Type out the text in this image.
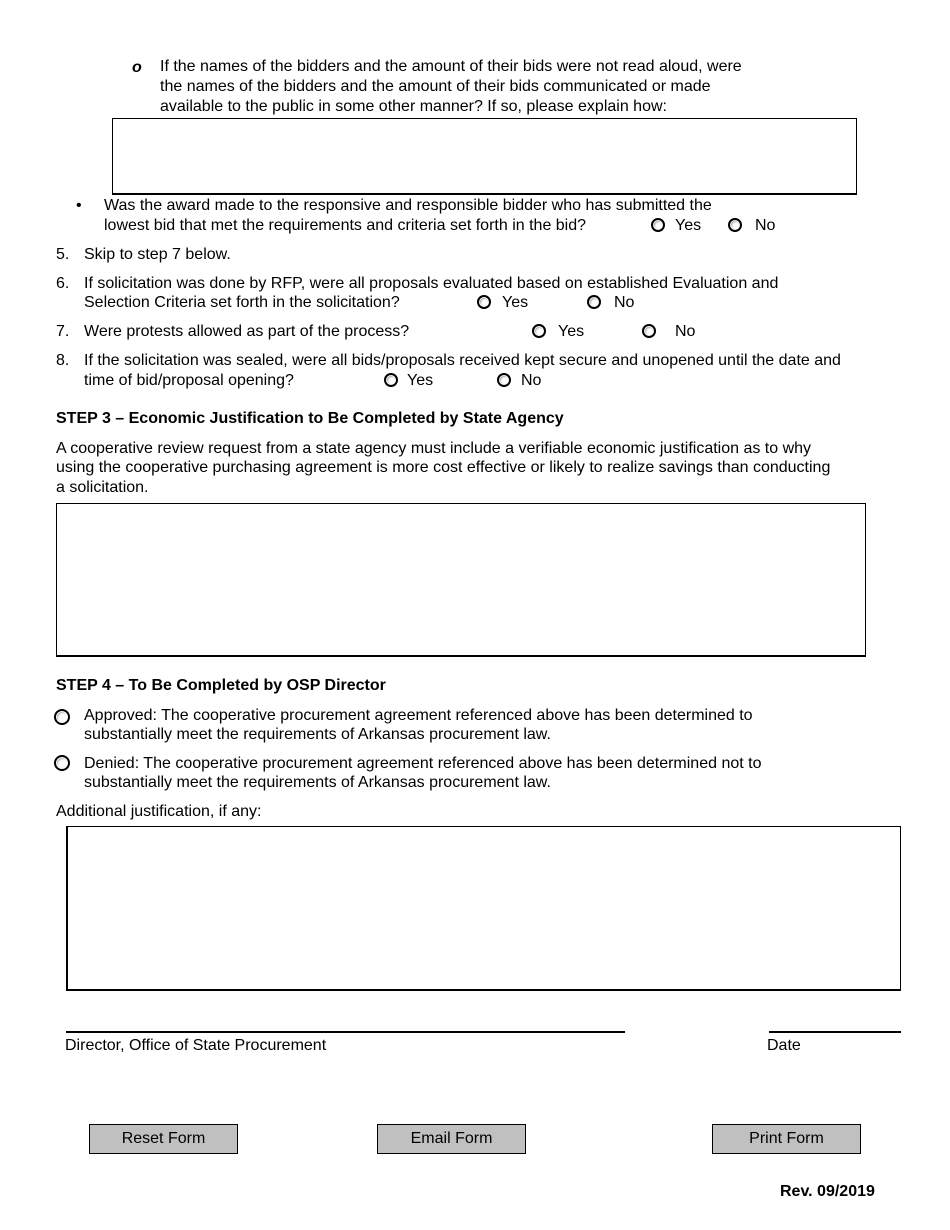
o If the names of the bidders and the amount of their bids were not read aloud, were
the names of the bidders and the amount of their bids communicated or made
available to the public in some other manner? If so, please explain how:
• Was the award made to the responsive and responsible bidder who has submitted the
lowest bid that met the requirements and criteria set forth in the bid?	Yes	No
5. Skip to step 7 below.
6. If solicitation was done by RFP, were all proposals evaluated based on established Evaluation and
Selection Criteria set forth in the solicitation?	Yes	No
7. Were protests allowed as part of the process?	Yes	No
8. If the solicitation was sealed, were all bids/proposals received kept secure and unopened until the date and
time of bid/proposal opening?	Yes	No
STEP 3 – Economic Justification to Be Completed by State Agency
A cooperative review request from a state agency must include a verifiable economic justification as to why
using the cooperative purchasing agreement is more cost effective or likely to realize savings than conducting
a solicitation.
STEP 4 – To Be Completed by OSP Director
Approved: The cooperative procurement agreement referenced above has been determined to
substantially meet the requirements of Arkansas procurement law.
Denied: The cooperative procurement agreement referenced above has been determined not to
substantially meet the requirements of Arkansas procurement law.
Additional justification, if any:
Director, Office of State Procurement	Date
Reset Form	Email Form	Print Form
Rev. 09/2019
